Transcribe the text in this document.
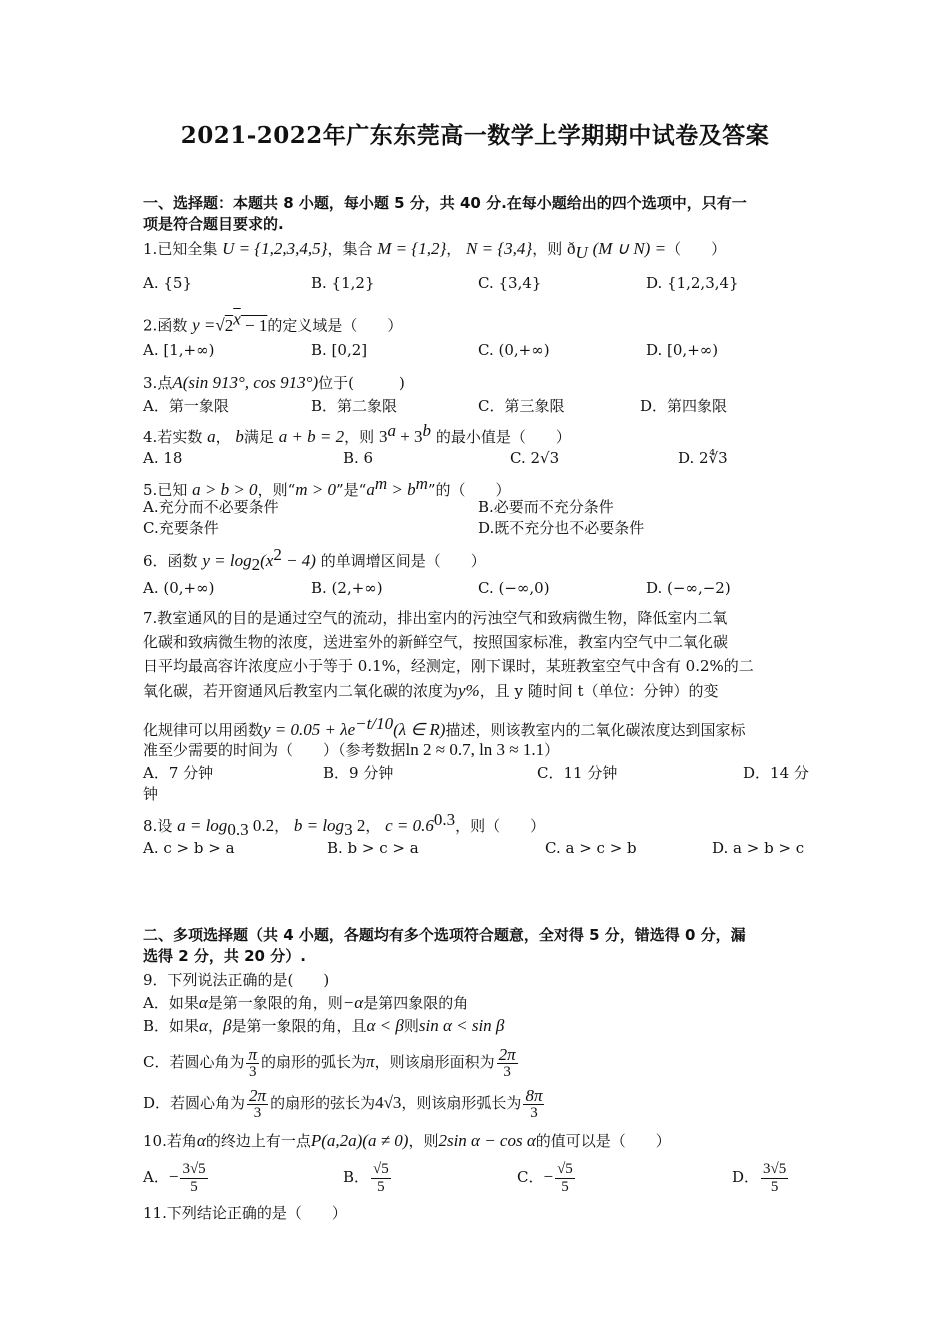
2021-2022年广东东莞高一数学上学期期中试卷及答案
一、选择题：本题共 8 小题，每小题 5 分，共 40 分.在每小题给出的四个选项中，只有一
项是符合题目要求的.
1.已知全集 U = {1,2,3,4,5}，集合 M = {1,2}， N = {3,4}，则 $ð_U$ (M ∪ N) =（　　）
A. {5}	B. {1,2}	C. {3,4}	D. {1,2,3,4}
2.函数 $y =√2^x - 1$的定义域是（　　）
A. [1,+∞)	B. [0,2]	C. (0,+∞)	D. [0,+∞)
3.点A(sin 913°, cos 913°)位于(　　　)
A．第一象限	B．第二象限	C．第三象限	D．第四象限
4.若实数 a， b满足 a + b = 2，则 $3^a + 3^b$ 的最小值是（　　）
A. 18	B. 6	C. 2√3	D. 2∜3
5.已知 a > b > 0，则“m > 0”是“$a^m > b^m$”的（　　）
A.充分而不必要条件	B.必要而不充分条件
C.充要条件	D.既不充分也不必要条件
6．函数 $y = \log_2(x^2 - 4)$ 的单调增区间是（　　）
A. (0,+∞)	B. (2,+∞)	C. (−∞,0)	D. (−∞,−2)
7.教室通风的目的是通过空气的流动，排出室内的污浊空气和致病微生物，降低室内二氧
化碳和致病微生物的浓度，送进室外的新鲜空气，按照国家标准，教室内空气中二氧化碳
日平均最高容许浓度应小于等于 0.1%，经测定，刚下课时，某班教室空气中含有 0.2%的二
氧化碳，若开窗通风后教室内二氧化碳的浓度为y%，且 y 随时间 t（单位：分钟）的变
化规律可以用函数$y = 0.05 + \lambda e^{-t/10}(\lambda$ ∈ R)描述，则该教室内的二氧化碳浓度达到国家标
准至少需要的时间为（　　）（参考数据ln 2 ≈ 0.7, ln 3 ≈ 1.1）
A．7 分钟	B．9 分钟	C．11 分钟	D．14 分
钟
8.设 $a = \log_{0.3} 0.2$， $b = \log_3 2$， $c = 0.6^{0.3}$，则（　　）
A. c > b > a	B. b > c > a	C. a > c > b	D. a > b > c
二、多项选择题（共 4 小题，各题均有多个选项符合题意，全对得 5 分，错选得 0 分，漏
选得 2 分，共 20 分）.
9．下列说法正确的是(　　)
A．如果α是第一象限的角，则−α是第四象限的角
B．如果α，β是第一象限的角，且α < β则sin α < sin β
C．若圆心角为 $\frac{\pi}{3}$ 的扇形的弧长为π，则该扇形面积为 $\frac{2\pi}{3}$
D．若圆心角为 $\frac{2\pi}{3}$ 的扇形的弦长为4√3，则该扇形弧长为 $\frac{8\pi}{3}$
10.若角α的终边上有一点P(a,2a)(a ≠ 0)，则2sin α − cos α的值可以是（　　）
A．− $\frac{3√5}{5}$	B． $\frac{√5}{5}$	C．− $\frac{√5}{5}$	D． $\frac{3√5}{5}$
11.下列结论正确的是（　　）
